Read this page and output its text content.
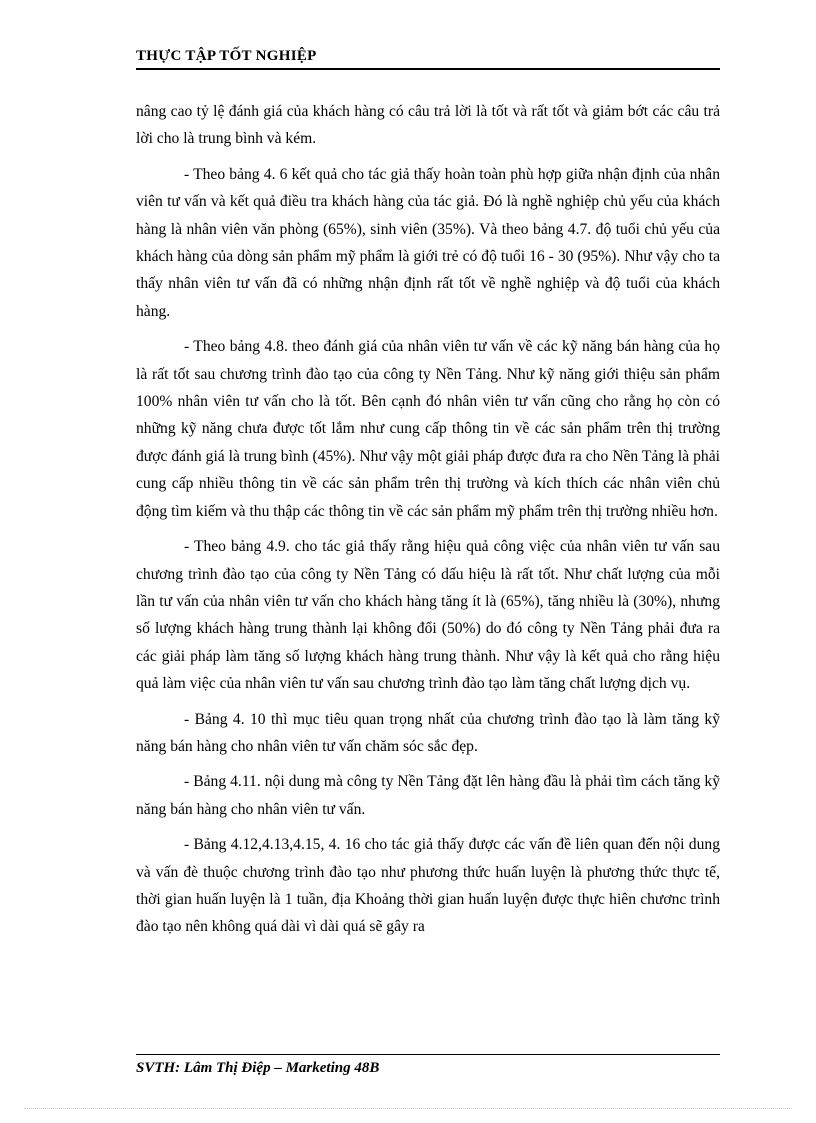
THỰC TẬP TỐT NGHIỆP

nâng cao tỷ lệ đánh giá của khách hàng có câu trả lời là tốt và rất tốt và giảm bớt các câu trả lời cho là trung bình và kém.

- Theo bảng 4. 6 kết quả cho tác giả thấy hoàn toàn phù hợp giữa nhận định của nhân viên tư vấn và kết quả điều tra khách hàng của tác giả. Đó là nghề nghiệp chủ yếu của khách hàng là nhân viên văn phòng (65%), sinh viên (35%). Và theo bảng 4.7. độ tuổi chủ yếu của khách hàng của dòng sản phẩm mỹ phẩm là giới trẻ có độ tuổi 16 - 30 (95%). Như vậy cho ta thấy nhân viên tư vấn đã có những nhận định rất tốt về nghề nghiệp và độ tuổi của khách hàng.

- Theo bảng 4.8. theo đánh giá của nhân viên tư vấn về các kỹ năng bán hàng của họ là rất tốt sau chương trình đào tạo của công ty Nền Tảng. Như kỹ năng giới thiệu sản phẩm 100% nhân viên tư vấn cho là tốt. Bên cạnh đó nhân viên tư vấn cũng cho rằng họ còn có những kỹ năng chưa được tốt lắm như cung cấp thông tin về các sản phẩm trên thị trường được đánh giá là trung bình (45%). Như vậy một giải pháp được đưa ra cho Nền Tảng là phải cung cấp nhiều thông tin về các sản phẩm trên thị trường và kích thích các nhân viên chủ động tìm kiếm và thu thập các thông tin về các sản phẩm mỹ phẩm trên thị trường nhiều hơn.

- Theo bảng 4.9. cho tác giả thấy rằng hiệu quả công việc của nhân viên tư vấn sau chương trình đào tạo của công ty Nền Tảng có dấu hiệu là rất tốt. Như chất lượng của mỗi lần tư vấn của nhân viên tư vấn cho khách hàng tăng ít là (65%), tăng nhiều là (30%), nhưng số lượng khách hàng trung thành lại không đổi (50%) do đó công ty Nền Tảng phải đưa ra các giải pháp làm tăng số lượng khách hàng trung thành. Như vậy là kết quả cho rằng hiệu quả làm việc của nhân viên tư vấn sau chương trình đào tạo làm tăng chất lượng dịch vụ.

- Bảng 4. 10 thì mục tiêu quan trọng nhất của chương trình đào tạo là làm tăng kỹ năng bán hàng cho nhân viên tư vấn chăm sóc sắc đẹp.

- Bảng 4.11. nội dung mà công ty Nền Tảng đặt lên hàng đầu là phải tìm cách tăng kỹ năng bán hàng cho nhân viên tư vấn.

- Bảng 4.12,4.13,4.15, 4. 16 cho tác giả thấy được các vấn đề liên quan đến nội dung và vấn đè thuộc chương trình đào tạo như phương thức huấn luyện là phương thức thực tế, thời gian huấn luyện là 1 tuần, địa Khoảng thời gian huấn luyện được thực hiên chươnc trình đào tạo nên không quá dài vì dài quá sẽ gây ra

SVTH: Lâm Thị Điệp – Marketing 48B
